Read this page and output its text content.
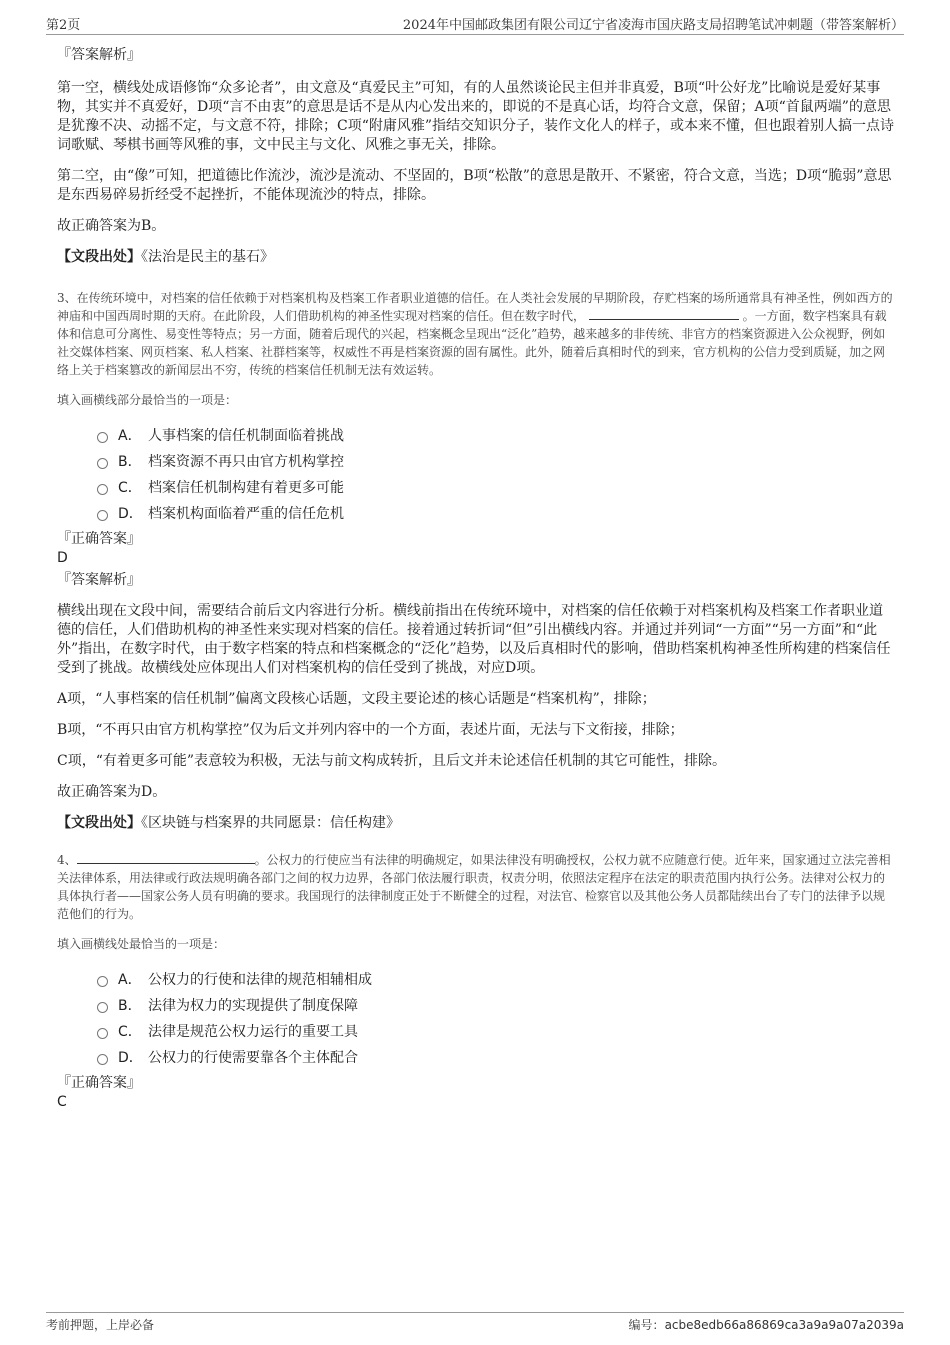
第2页	2024年中国邮政集团有限公司辽宁省凌海市国庆路支局招聘笔试冲刺题（带答案解析）

『答案解析』

第一空，横线处成语修饰“众多论者”，由文意及“真爱民主”可知，有的人虽然谈论民主但并非真爱，B项“叶公好龙”比喻说是爱好某事物，其实并不真爱好，D项“言不由衷”的意思是话不是从内心发出来的，即说的不是真心话，均符合文意，保留；A项“首鼠两端”的意思是犹豫不决、动摇不定，与文意不符，排除；C项“附庸风雅”指结交知识分子，装作文化人的样子，或本来不懂，但也跟着别人搞一点诗词歌赋、琴棋书画等风雅的事，文中民主与文化、风雅之事无关，排除。

第二空，由“像”可知，把道德比作流沙，流沙是流动、不坚固的，B项“松散”的意思是散开、不紧密，符合文意，当选；D项“脆弱”意思是东西易碎易折经受不起挫折，不能体现流沙的特点，排除。

故正确答案为B。

【文段出处】《法治是民主的基石》

3、在传统环境中，对档案的信任依赖于对档案机构及档案工作者职业道德的信任。在人类社会发展的早期阶段，存贮档案的场所通常具有神圣性，例如西方的神庙和中国西周时期的天府。在此阶段，人们借助机构的神圣性实现对档案的信任。但在数字时代，	。一方面，数字档案具有载体和信息可分离性、易变性等特点；另一方面，随着后现代的兴起，档案概念呈现出“泛化”趋势，越来越多的非传统、非官方的档案资源进入公众视野，例如社交媒体档案、网页档案、私人档案、社群档案等，权威性不再是档案资源的固有属性。此外，随着后真相时代的到来，官方机构的公信力受到质疑，加之网络上关于档案篡改的新闻层出不穷，传统的档案信任机制无法有效运转。

填入画横线部分最恰当的一项是：

A． 人事档案的信任机制面临着挑战
B． 档案资源不再只由官方机构掌控
C． 档案信任机制构建有着更多可能
D． 档案机构面临着严重的信任危机

『正确答案』

D

『答案解析』

横线出现在文段中间，需要结合前后文内容进行分析。横线前指出在传统环境中，对档案的信任依赖于对档案机构及档案工作者职业道德的信任，人们借助机构的神圣性来实现对档案的信任。接着通过转折词“但”引出横线内容。并通过并列词“一方面”“另一方面”和“此外”指出，在数字时代，由于数字档案的特点和档案概念的“泛化”趋势，以及后真相时代的影响，借助档案机构神圣性所构建的档案信任受到了挑战。故横线处应体现出人们对档案机构的信任受到了挑战，对应D项。

A项，“人事档案的信任机制”偏离文段核心话题，文段主要论述的核心话题是“档案机构”，排除；

B项，“不再只由官方机构掌控”仅为后文并列内容中的一个方面，表述片面，无法与下文衔接，排除；

C项，“有着更多可能”表意较为积极，无法与前文构成转折，且后文并未论述信任机制的其它可能性，排除。

故正确答案为D。

【文段出处】《区块链与档案界的共同愿景：信任构建》

4、	。公权力的行使应当有法律的明确规定，如果法律没有明确授权，公权力就不应随意行使。近年来，国家通过立法完善相关法律体系，用法律或行政法规明确各部门之间的权力边界，各部门依法履行职责，权责分明，依照法定程序在法定的职责范围内执行公务。法律对公权力的具体执行者——国家公务人员有明确的要求。我国现行的法律制度正处于不断健全的过程，对法官、检察官以及其他公务人员都陆续出台了专门的法律予以规范他们的行为。

填入画横线处最恰当的一项是：

A． 公权力的行使和法律的规范相辅相成
B． 法律为权力的实现提供了制度保障
C． 法律是规范公权力运行的重要工具
D． 公权力的行使需要靠各个主体配合

『正确答案』

C

考前押题，上岸必备	编号：acbe8edb66a86869ca3a9a9a07a2039a
